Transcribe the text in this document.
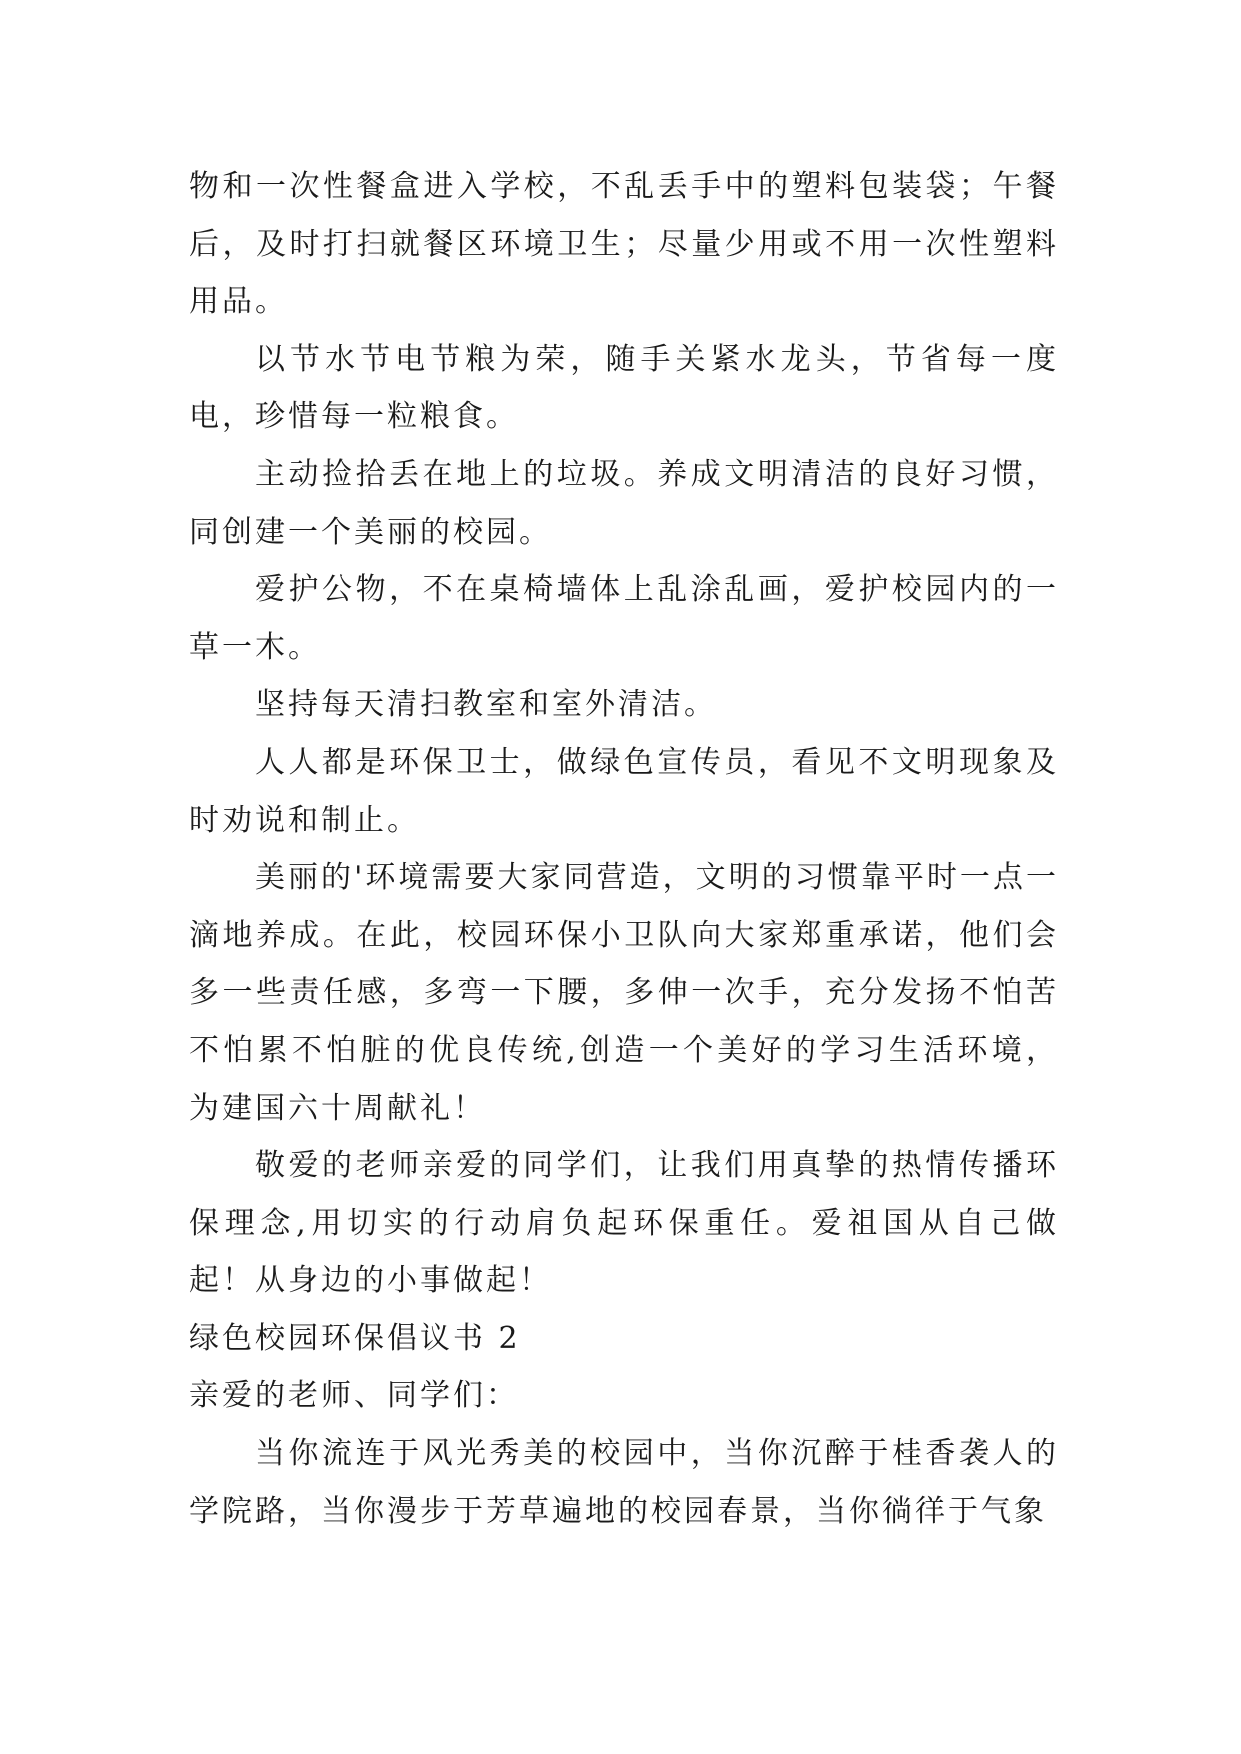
物和一次性餐盒进入学校，不乱丢手中的塑料包装袋；午餐后，及时打扫就餐区环境卫生；尽量少用或不用一次性塑料用品。

以节水节电节粮为荣，随手关紧水龙头，节省每一度电，珍惜每一粒粮食。

主动捡拾丢在地上的垃圾。养成文明清洁的良好习惯，同创建一个美丽的校园。

爱护公物，不在桌椅墙体上乱涂乱画，爱护校园内的一草一木。

坚持每天清扫教室和室外清洁。

人人都是环保卫士，做绿色宣传员，看见不文明现象及时劝说和制止。

美丽的'环境需要大家同营造，文明的习惯靠平时一点一滴地养成。在此，校园环保小卫队向大家郑重承诺，他们会多一些责任感，多弯一下腰，多伸一次手，充分发扬不怕苦不怕累不怕脏的优良传统,创造一个美好的学习生活环境，为建国六十周献礼！

敬爱的老师亲爱的同学们，让我们用真挚的热情传播环保理念,用切实的行动肩负起环保重任。爱祖国从自己做起！从身边的小事做起！

绿色校园环保倡议书 2

亲爱的老师、同学们：

当你流连于风光秀美的校园中，当你沉醉于桂香袭人的学院路，当你漫步于芳草遍地的校园春景，当你徜徉于气象
